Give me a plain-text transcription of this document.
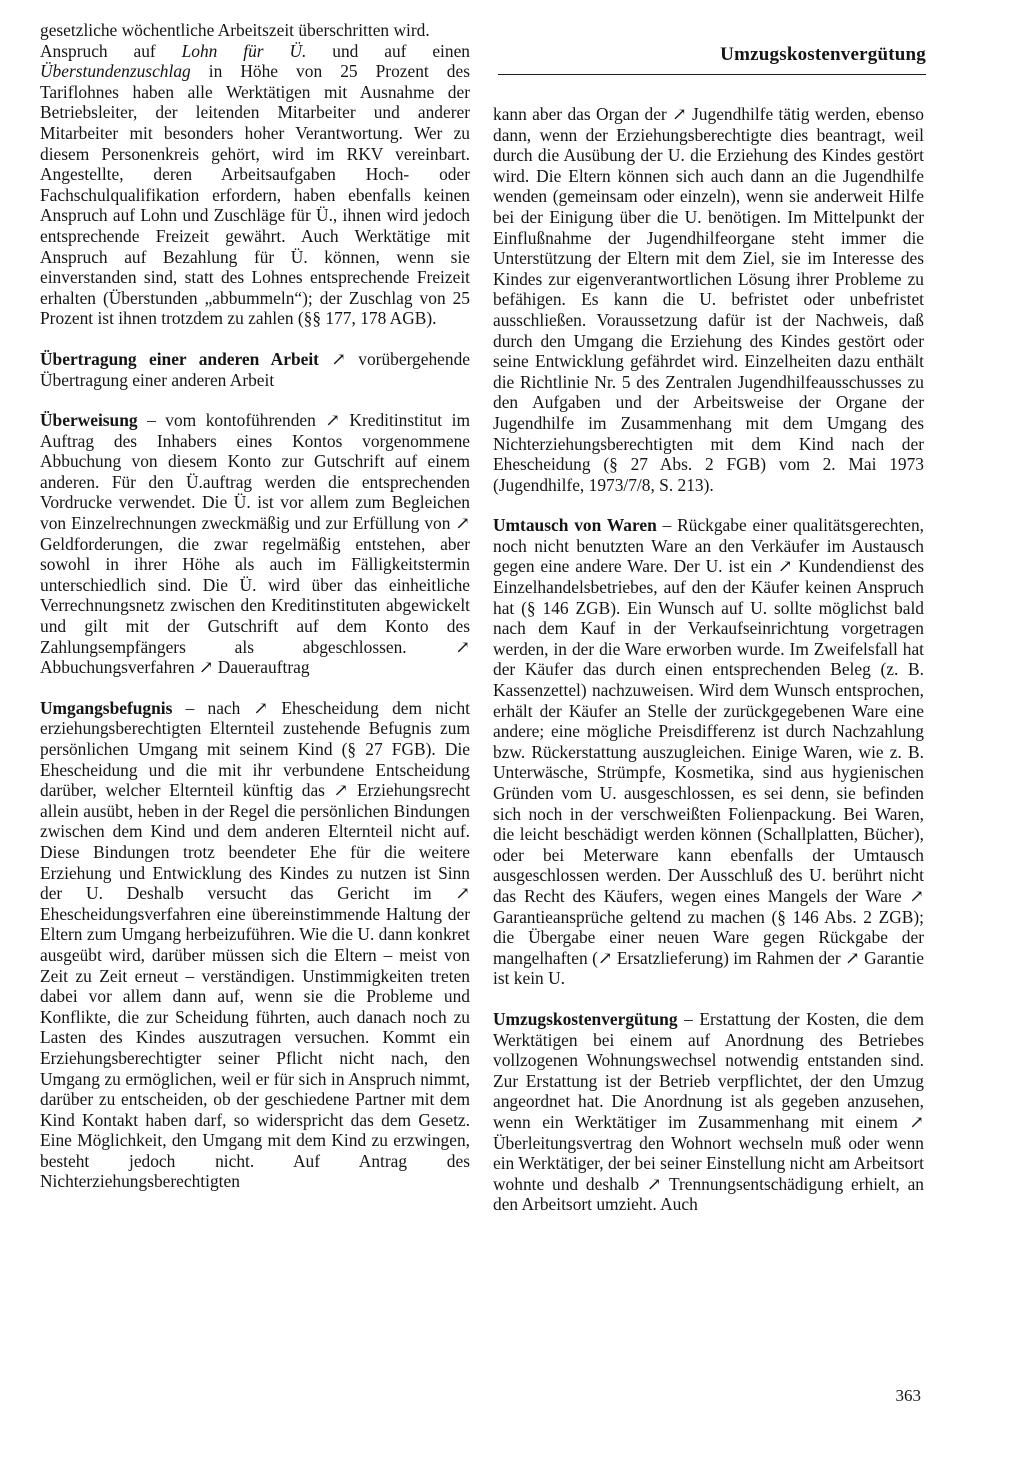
Umzugskostenvergütung

gesetzliche wöchentliche Arbeitszeit überschritten wird.

Anspruch auf Lohn für Ü. und auf einen Überstundenzuschlag in Höhe von 25 Prozent des Tariflohnes haben alle Werktätigen mit Ausnahme der Betriebsleiter, der leitenden Mitarbeiter und anderer Mitarbeiter mit besonders hoher Verantwortung. Wer zu diesem Personenkreis gehört, wird im RKV vereinbart. Angestellte, deren Arbeitsaufgaben Hoch- oder Fachschulqualifikation erfordern, haben ebenfalls keinen Anspruch auf Lohn und Zuschläge für Ü., ihnen wird jedoch entsprechende Freizeit gewährt. Auch Werktätige mit Anspruch auf Bezahlung für Ü. können, wenn sie einverstanden sind, statt des Lohnes entsprechende Freizeit erhalten (Überstunden „abbummeln“); der Zuschlag von 25 Prozent ist ihnen trotzdem zu zahlen (§§ 177, 178 AGB).

Übertragung einer anderen Arbeit ↗ vorübergehende Übertragung einer anderen Arbeit

Überweisung – vom kontoführenden ↗ Kreditinstitut im Auftrag des Inhabers eines Kontos vorgenommene Abbuchung von diesem Konto zur Gutschrift auf einem anderen. Für den Ü.auftrag werden die entsprechenden Vordrucke verwendet. Die Ü. ist vor allem zum Begleichen von Einzelrechnungen zweckmäßig und zur Erfüllung von ↗ Geldforderungen, die zwar regelmäßig entstehen, aber sowohl in ihrer Höhe als auch im Fälligkeitstermin unterschiedlich sind. Die Ü. wird über das einheitliche Verrechnungsnetz zwischen den Kreditinstituten abgewickelt und gilt mit der Gutschrift auf dem Konto des Zahlungsempfängers als abgeschlossen. ↗ Abbuchungsverfahren ↗ Dauerauftrag

Umgangsbefugnis – nach ↗ Ehescheidung dem nicht erziehungsberechtigten Elternteil zustehende Befugnis zum persönlichen Umgang mit seinem Kind (§ 27 FGB). Die Ehescheidung und die mit ihr verbundene Entscheidung darüber, welcher Elternteil künftig das ↗ Erziehungsrecht allein ausübt, heben in der Regel die persönlichen Bindungen zwischen dem Kind und dem anderen Elternteil nicht auf. Diese Bindungen trotz beendeter Ehe für die weitere Erziehung und Entwicklung des Kindes zu nutzen ist Sinn der U. Deshalb versucht das Gericht im ↗ Ehescheidungsverfahren eine übereinstimmende Haltung der Eltern zum Umgang herbeizuführen. Wie die U. dann konkret ausgeübt wird, darüber müssen sich die Eltern – meist von Zeit zu Zeit erneut – verständigen. Unstimmigkeiten treten dabei vor allem dann auf, wenn sie die Probleme und Konflikte, die zur Scheidung führten, auch danach noch zu Lasten des Kindes auszutragen versuchen. Kommt ein Erziehungsberechtigter seiner Pflicht nicht nach, den Umgang zu ermöglichen, weil er für sich in Anspruch nimmt, darüber zu entscheiden, ob der geschiedene Partner mit dem Kind Kontakt haben darf, so widerspricht das dem Gesetz. Eine Möglichkeit, den Umgang mit dem Kind zu erzwingen, besteht jedoch nicht. Auf Antrag des Nichterziehungsberechtigten

kann aber das Organ der ↗ Jugendhilfe tätig werden, ebenso dann, wenn der Erziehungsberechtigte dies beantragt, weil durch die Ausübung der U. die Erziehung des Kindes gestört wird. Die Eltern können sich auch dann an die Jugendhilfe wenden (gemeinsam oder einzeln), wenn sie anderweit Hilfe bei der Einigung über die U. benötigen. Im Mittelpunkt der Einflußnahme der Jugendhilfeorgane steht immer die Unterstützung der Eltern mit dem Ziel, sie im Interesse des Kindes zur eigenverantwortlichen Lösung ihrer Probleme zu befähigen. Es kann die U. befristet oder unbefristet ausschließen. Voraussetzung dafür ist der Nachweis, daß durch den Umgang die Erziehung des Kindes gestört oder seine Entwicklung gefährdet wird. Einzelheiten dazu enthält die Richtlinie Nr. 5 des Zentralen Jugendhilfeausschusses zu den Aufgaben und der Arbeitsweise der Organe der Jugendhilfe im Zusammenhang mit dem Umgang des Nichterziehungsberechtigten mit dem Kind nach der Ehescheidung (§ 27 Abs. 2 FGB) vom 2. Mai 1973 (Jugendhilfe, 1973/7/8, S. 213).

Umtausch von Waren – Rückgabe einer qualitätsgerechten, noch nicht benutzten Ware an den Verkäufer im Austausch gegen eine andere Ware. Der U. ist ein ↗ Kundendienst des Einzelhandelsbetriebes, auf den der Käufer keinen Anspruch hat (§ 146 ZGB). Ein Wunsch auf U. sollte möglichst bald nach dem Kauf in der Verkaufseinrichtung vorgetragen werden, in der die Ware erworben wurde. Im Zweifelsfall hat der Käufer das durch einen entsprechenden Beleg (z. B. Kassenzettel) nachzuweisen. Wird dem Wunsch entsprochen, erhält der Käufer an Stelle der zurückgegebenen Ware eine andere; eine mögliche Preisdifferenz ist durch Nachzahlung bzw. Rückerstattung auszugleichen. Einige Waren, wie z. B. Unterwäsche, Strümpfe, Kosmetika, sind aus hygienischen Gründen vom U. ausgeschlossen, es sei denn, sie befinden sich noch in der verschweißten Folienpackung. Bei Waren, die leicht beschädigt werden können (Schallplatten, Bücher), oder bei Meterware kann ebenfalls der Umtausch ausgeschlossen werden. Der Ausschluß des U. berührt nicht das Recht des Käufers, wegen eines Mangels der Ware ↗ Garantieansprüche geltend zu machen (§ 146 Abs. 2 ZGB); die Übergabe einer neuen Ware gegen Rückgabe der mangelhaften (↗ Ersatzlieferung) im Rahmen der ↗ Garantie ist kein U.

Umzugskostenvergütung – Erstattung der Kosten, die dem Werktätigen bei einem auf Anordnung des Betriebes vollzogenen Wohnungswechsel notwendig entstanden sind. Zur Erstattung ist der Betrieb verpflichtet, der den Umzug angeordnet hat. Die Anordnung ist als gegeben anzusehen, wenn ein Werktätiger im Zusammenhang mit einem ↗ Überleitungsvertrag den Wohnort wechseln muß oder wenn ein Werktätiger, der bei seiner Einstellung nicht am Arbeitsort wohnte und deshalb ↗ Trennungsentschädigung erhielt, an den Arbeitsort umzieht. Auch

363
